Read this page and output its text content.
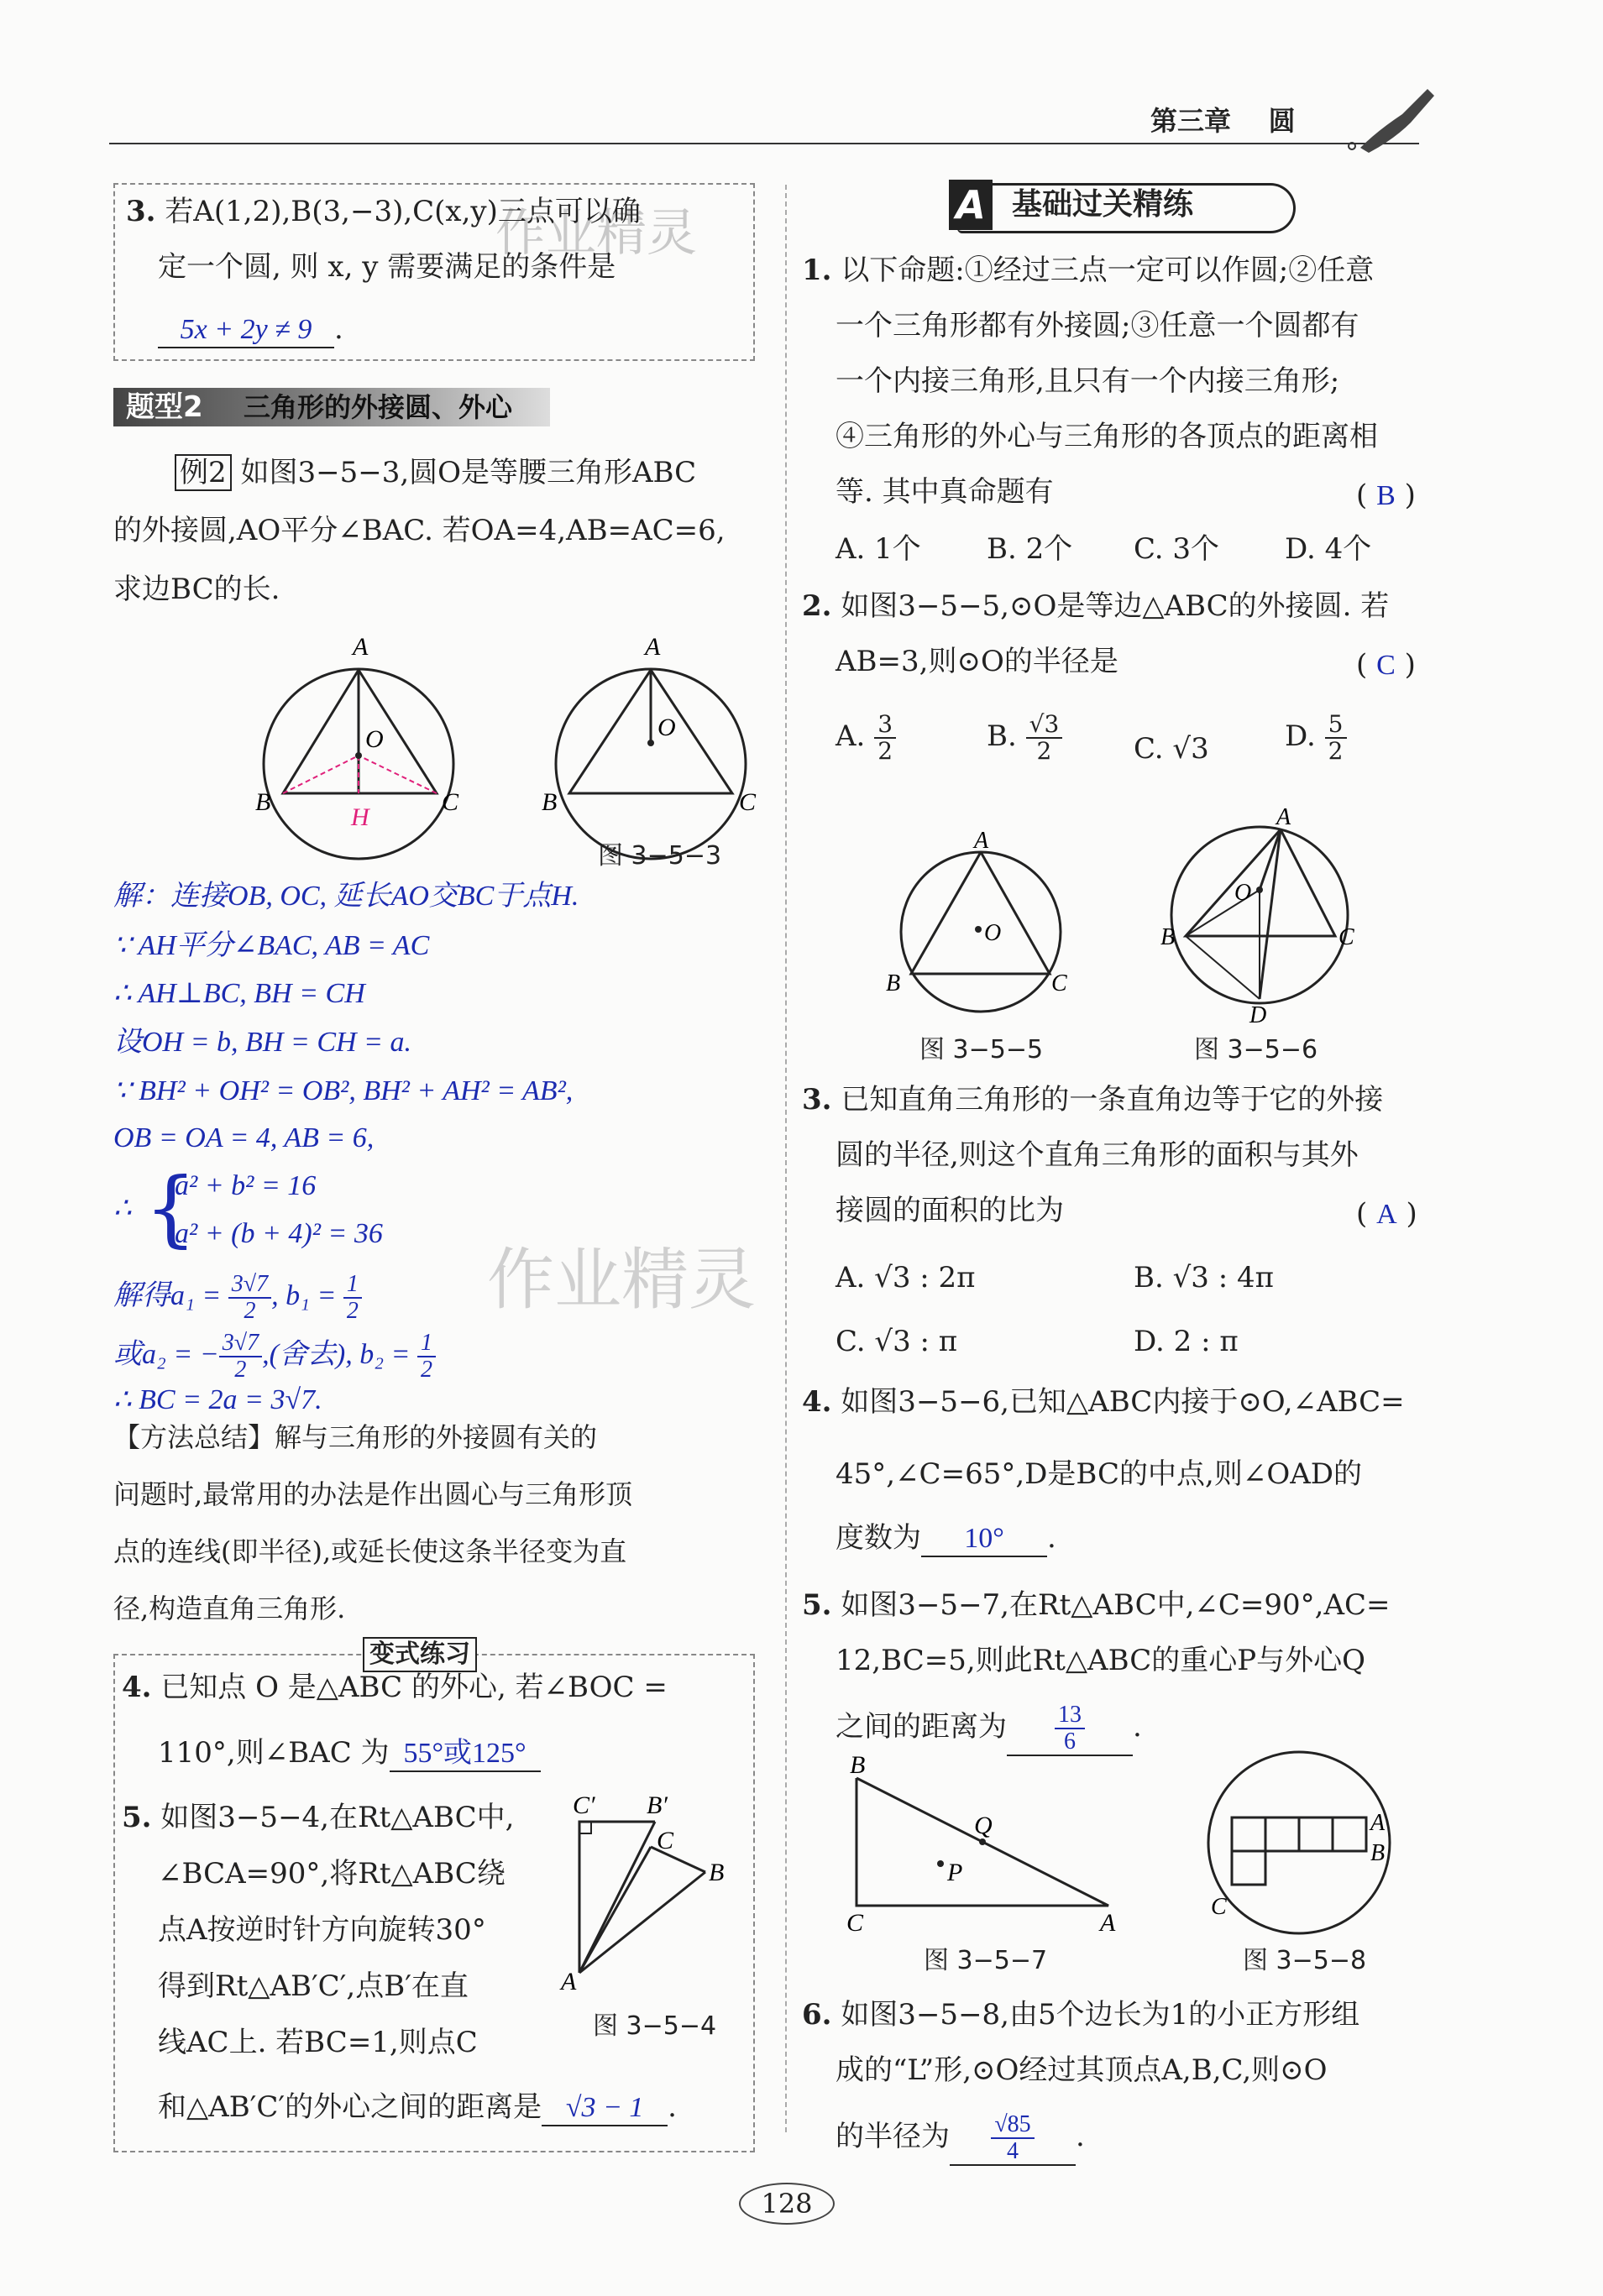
第三章 圆
作业精灵
作业精灵
3. 若A(1,2),B(3,−3),C(x,y)三点可以确
定一个圆, 则 x, y 需要满足的条件是
5x + 2y ≠ 9 .
题型2 三角形的外接圆、外心
例2 如图3−5−3,圆O是等腰三角形ABC
的外接圆,AO平分∠BAC. 若OA=4,AB=AC=6,
求边BC的长.
A
O
B	C
H
A
O
B	C
图 3−5−3
解：连接OB, OC, 延长AO交BC于点H.
∵ AH平分∠BAC, AB = AC
∴ AH⊥BC, BH = CH
设OH = b, BH = CH = a.
∵ BH² + OH² = OB², BH² + AH² = AB²,
OB = OA = 4, AB = 6,
∴ {
a² + b² = 16
a² + (b + 4)² = 36
解得$a_1 = \frac{3√7}{2}$ , $b_1 = \frac{1}{2}$
或a₂ = − $\frac{3√7}{2}$ ,(舍去), $b_2 = \frac{1}{2}$
∴ BC = 2a = 3√7.
【方法总结】解与三角形的外接圆有关的
问题时,最常用的办法是作出圆心与三角形顶
点的连线(即半径),或延长使这条半径变为直
径,构造直角三角形.
变式练习
4. 已知点 O 是△ABC 的外心, 若∠BOC =
110°,则∠BAC 为 55°或125°
5. 如图3−5−4,在Rt△ABC中,
∠BCA=90°,将Rt△ABC绕
点A按逆时针方向旋转30°
得到Rt△AB′C′,点B′在直
线AC上. 若BC=1,则点C
和△AB′C′的外心之间的距离是 √3 − 1 .
C′ B′
C
B
A
图 3−5−4
A 基础过关精练
1. 以下命题:①经过三点一定可以作圆;②任意
一个三角形都有外接圆;③任意一个圆都有
一个内接三角形,且只有一个内接三角形;
④三角形的外心与三角形的各顶点的距离相
等. 其中真命题有	( B )
A. 1个 B. 2个 C. 3个 D. 4个
2. 如图3−5−5,⊙O是等边△ABC的外接圆. 若
AB=3,则⊙O的半径是	( C )
A. $\frac{3}{2}$	B. $\frac{√3}{2} C$. √3	D. $\frac{5}{2}$
A
O
B	C
图 3−5−5
A
O
B	C
D
图 3−5−6
3. 已知直角三角形的一条直角边等于它的外接
圆的半径,则这个直角三角形的面积与其外
接圆的面积的比为	( A )
A. √3 : 2π	B. √3 : 4π
C. √3 : π	D. 2 : π
4. 如图3−5−6,已知△ABC内接于⊙O,∠ABC=
45°,∠C=65°,D是BC的中点,则∠OAD的
度数为 10° .
5. 如图3−5−7,在Rt△ABC中,∠C=90°,AC=
12,BC=5,则此Rt△ABC的重心P与外心Q
之间的距离为 $\frac{13}{6}$ .
B
C	A
P
Q
图 3−5−7
A
B
C
图 3−5−8
6. 如图3−5−8,由5个边长为1的小正方形组
成的“L”形,⊙O经过其顶点A,B,C,则⊙O
的半径为 $\frac{√85}{4}$ .
128
